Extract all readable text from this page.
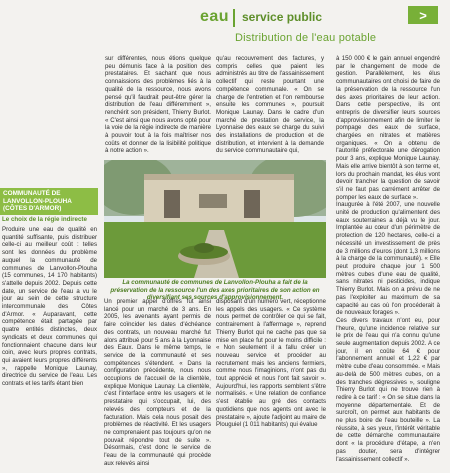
eau service public	>
Distribution de l'eau potable

sur différentes, nous étions quelque peu démunis face à la position des prestataires. Et sachant que nous connaissions des problèmes liés à la qualité de la ressource, nous avons pensé qu'il faudrait peut-être gérer la distribution de l'eau différemment », renchérit son président, Thierry Burlot. « C'est ainsi que nous avons opté pour la voie de la régie indirecte de manière à pouvoir tout à la fois maîtriser nos coûts et donner de la lisibilité politique à notre action ».

qu'au recouvrement des factures, y compris celles que paient les administrés au titre de l'assainissement collectif qui reste pourtant une compétence communale. « On se charge de l'entretien et l'on rembourse ensuite les communes », poursuit Monique Launay. Dans le cadre d'un marché de prestation de service, la Lyonnaise des eaux se charge du suivi des installations de production et de distribution, et intervient à la demande du service communautaire qui,

à 150 000 € le gain annuel engendré par le changement de mode de gestion. Parallèlement, les élus communautaires ont choisi de faire de la préservation de la ressource l'un des axes prioritaires de leur action. Dans cette perspective, ils ont entrepris de diversifier leurs sources d'approvisionnement afin de limiter le pompage des eaux de surface, chargées en nitrates et matières organiques. « On a obtenu de l'autorité préfectorale une dérogation pour 3 ans, explique Monique Launay. Mais elle arrive bientôt à son terme et, lors du prochain mandat, les élus vont devoir trancher la question de savoir s'il ne faut pas carrément arrêter de pomper les eaux de surface ».

Inaugurée à l'été 2007, une nouvelle unité de production qu'alimentent des eaux souterraines a déjà vu le jour. Implantée au cœur d'un périmètre de protection de 120 hectares, celle-ci a nécessité un investissement de près de 3 millions d'euros (dont 1,3 millions à la charge de la communauté). « Elle peut produire chaque jour 1 500 mètres cubes d'une eau de qualité, sans nitrates ni pesticides, indique Thierry Burlot. Mais on a prévu de ne pas l'exploiter au maximum de sa capacité au cas où l'on procéderait à de nouveaux forages ».

Ces divers travaux n'ont eu, pour l'heure, qu'une incidence relative sur le prix de l'eau qui n'a connu qu'une seule augmentation depuis 2002. A ce jour, il en coûte 64 € pour l'abonnement annuel et 1,22 € par mètre cube d'eau consommée. « Mais au-delà de 500 mètres cubes, on a des tranches dégressives », souligne Thierry Burlot qui ne trouve rien à redire à ce tarif : « On se situe dans la moyenne départementale. Et de surcroît, on permet aux habitants de ne plus boire de l'eau bouteille ». La réussite, à ses yeux, l'intérêt véritable de cette démarche communautaire dont « la procédure d'étape, a n'en pas douter, sera d'intégrer l'assainissement collectif ».

La communauté de communes de Lanvollon-Plouha a fait de la préservation de la ressource l'un des axes prioritaires de son action en diversifiant ses sources d'approvisionnement.
COMMUNAUTÉ DE LANVOLLON-PLOUHA (CÔTES D'ARMOR)
Le choix de la régie indirecte

Produire une eau de qualité en quantité suffisante, puis distribuer celle-ci au meilleur coût : telles sont les données du problème auquel la communauté de communes de Lanvollon-Plouha (15 communes, 14 170 habitants) s'attelle depuis 2002. Depuis cette date, un service de l'eau a vu le jour au sein de cette structure intercommunale des Côtes d'Armor. « Auparavant, cette compétence était partagée par quatre entités distinctes, deux syndicats et deux communes qui fonctionnaient chacune dans leur coin, avec leurs propres contrats, qui avaient leurs propres différents », rappelle Monique Launay, directrice du service de l'eau. Les contrats et les tarifs étant bien

Un premier appel d'offres fut ainsi lancé pour un marché de 3 ans. En 2005, les avenants ayant permis de faire coïncider les dates d'échéance des contrats, un nouveau marché fut alors attribué pour 5 ans à la Lyonnaise des Eaux. Dans le même temps, le service de la communauté et ses compétences s'étendent. « Dans la configuration précédente, nous nous occupions de l'accueil de la clientèle, explique Monique Launay. La clientèle, c'est l'interface entre les usagers et le prestataire qui s'occupait, lui, des relevés des compteurs et de la facturation. Mais cela nous posait des problèmes de réactivité. Et les usagers ne comprenaient pas toujours qu'on ne pouvait répondre tout de suite ». Désormais, c'est donc le service de l'eau de la communauté qui procède aux relevés ainsi

disposant d'un numéro vert, réceptionne les appels des usagers. « Ce système nous permet de contrôler ce qui se fait, contrairement à l'affermage », reprend Thierry Burlot qui ne cache pas que sa mise en place fut pour le moins difficile : « Non seulement il a fallu créer un nouveau service et procéder au recrutement mais les anciens fermiers, comme nous l'imaginions, n'ont pas du tout apprécié et nous l'ont fait savoir ». Aujourd'hui, les rapports semblent s'être normalisés. « Une relation de confiance s'est établie au gré des contacts quotidiens que nos agents ont avec le prestataire », ajoute l'adjoint au maire de Plouguiel (1 011 habitants) qui évalue
